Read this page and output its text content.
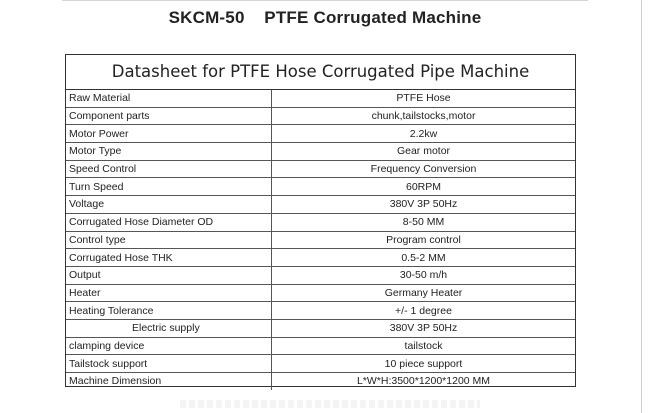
SKCM-50    PTFE Corrugated Machine
Datasheet for PTFE Hose Corrugated Pipe Machine
Raw Material	PTFE Hose
Component parts	chunk,tailstocks,motor
Motor Power	2.2kw
Motor Type	Gear motor
Speed Control	Frequency Conversion
Turn Speed	60RPM
Voltage	380V 3P 50Hz
Corrugated Hose Diameter OD	8-50 MM
Control type	Program control
Corrugated Hose THK	0.5-2 MM
Output	30-50 m/h
Heater	Germany Heater
Heating Tolerance	+/- 1 degree
Electric supply	380V 3P 50Hz
clamping device	tailstock
Tailstock support	10 piece support
Machine Dimension	L*W*H:3500*1200*1200 MM
